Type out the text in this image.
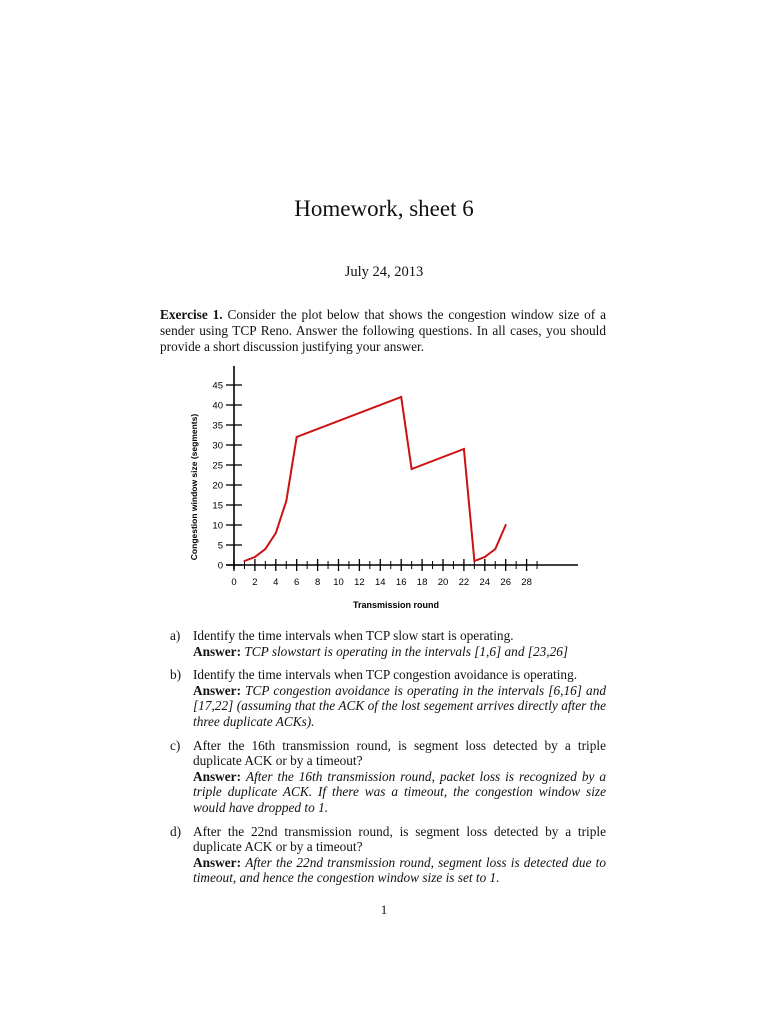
Homework, sheet 6
July 24, 2013
Exercise 1. Consider the plot below that shows the congestion window size of a sender using TCP Reno. Answer the following questions. In all cases, you should provide a short discussion justifying your answer.
0
5
10
15
20
25
30
35
40
45
0 2 4 6 8 10 12 14 16 18 20 22 24 26 28
Transmission round
Congestion window size (segments)
a) Identify the time intervals when TCP slow start is operating.
Answer: TCP slowstart is operating in the intervals [1,6] and [23,26]
b) Identify the time intervals when TCP congestion avoidance is operating.
Answer: TCP congestion avoidance is operating in the intervals [6,16] and [17,22] (assuming that the ACK of the lost segement arrives directly after the three duplicate ACKs).
c) After the 16th transmission round, is segment loss detected by a triple duplicate ACK or by a timeout?
Answer: After the 16th transmission round, packet loss is recognized by a triple duplicate ACK. If there was a timeout, the congestion window size would have dropped to 1.
d) After the 22nd transmission round, is segment loss detected by a triple duplicate ACK or by a timeout?
Answer: After the 22nd transmission round, segment loss is detected due to timeout, and hence the congestion window size is set to 1.
1
